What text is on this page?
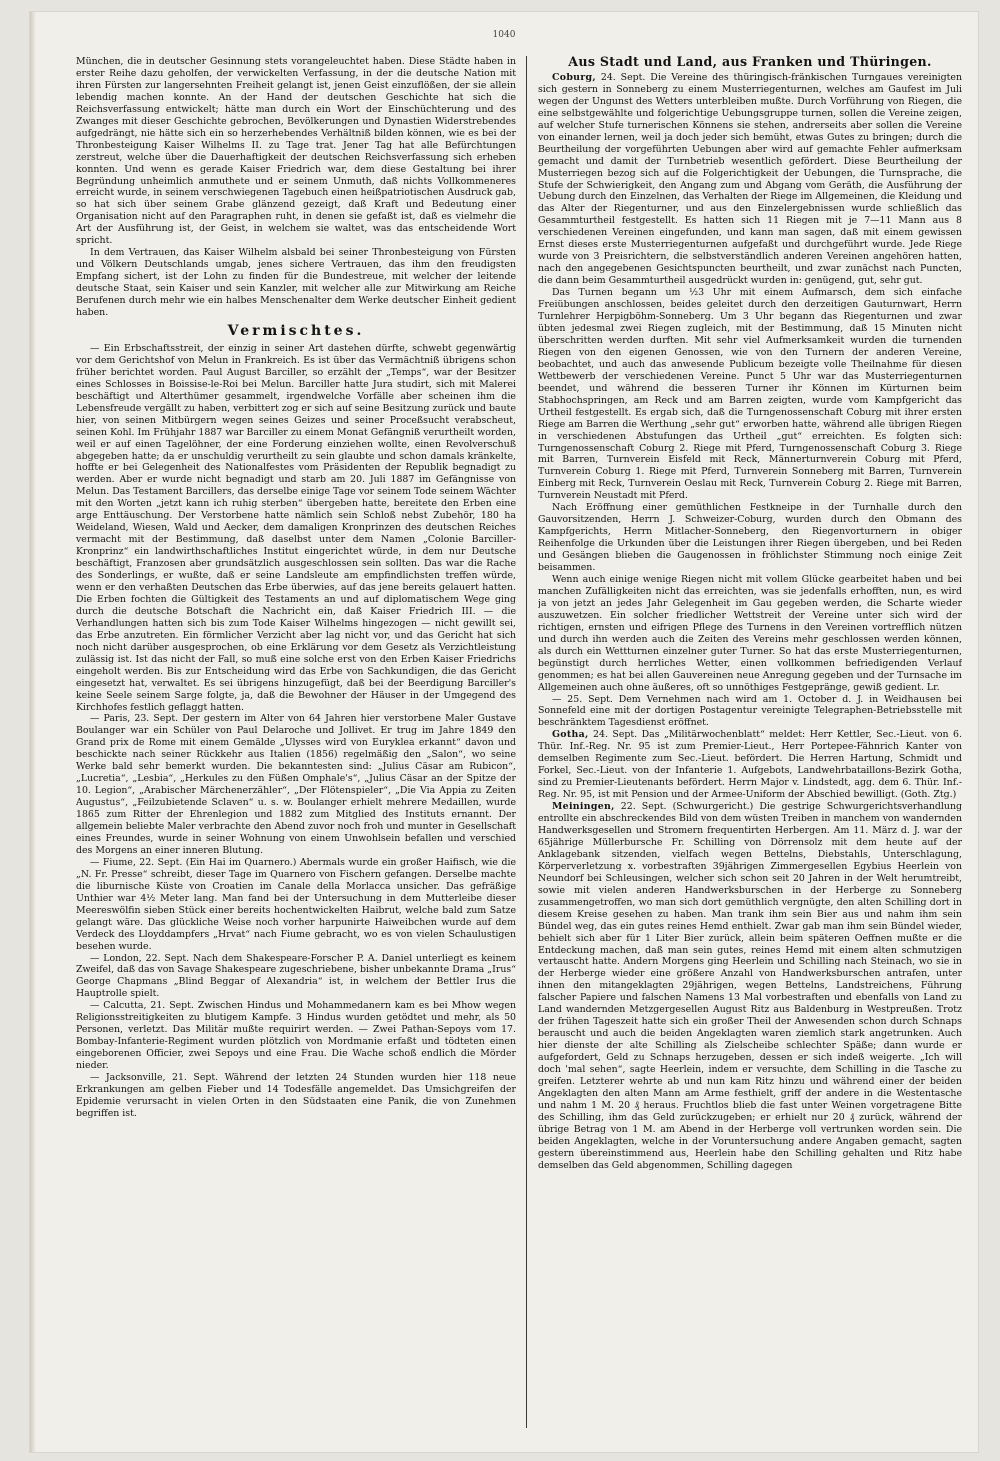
1040

München, die in deutscher Gesinnung stets vorangeleuchtet haben. Diese Städte haben in erster Reihe dazu geholfen, der verwickelten Verfassung, in der die deutsche Nation mit ihren Fürsten zur langersehnten Freiheit gelangt ist, jenen Geist einzuflößen, der sie allein lebendig machen konnte. An der Hand der deutschen Geschichte hat sich die Reichsverfassung entwickelt; hätte man durch ein Wort der Einschüchterung und des Zwanges mit dieser Geschichte gebrochen, Bevölkerungen und Dynastien Widerstrebendes aufgedrängt, nie hätte sich ein so herzerhebendes Verhältniß bilden können, wie es bei der Thronbesteigung Kaiser Wilhelms II. zu Tage trat. Jener Tag hat alle Befürchtungen zerstreut, welche über die Dauerhaftigkeit der deutschen Reichsverfassung sich erheben konnten. Und wenn es gerade Kaiser Friedrich war, dem diese Gestaltung bei ihrer Begründung unheimlich anmuthete und er seinem Unmuth, daß nichts Vollkommeneres erreicht wurde, in seinem verschwiegenen Tagebuch einen heißpatriotischen Ausdruck gab, so hat sich über seinem Grabe glänzend gezeigt, daß Kraft und Bedeutung einer Organisation nicht auf den Paragraphen ruht, in denen sie gefaßt ist, daß es vielmehr die Art der Ausführung ist, der Geist, in welchem sie waltet, was das entscheidende Wort spricht.

In dem Vertrauen, das Kaiser Wilhelm alsbald bei seiner Thronbesteigung von Fürsten und Völkern Deutschlands umgab, jenes sichere Vertrauen, das ihm den freudigsten Empfang sichert, ist der Lohn zu finden für die Bundestreue, mit welcher der leitende deutsche Staat, sein Kaiser und sein Kanzler, mit welcher alle zur Mitwirkung am Reiche Berufenen durch mehr wie ein halbes Menschenalter dem Werke deutscher Einheit gedient haben.

Vermischtes.

— Ein Erbschaftsstreit, der einzig in seiner Art dastehen dürfte, schwebt gegenwärtig vor dem Gerichtshof von Melun in Frankreich. Es ist über das Vermächtniß übrigens schon früher berichtet worden. Paul August Barciller, so erzählt der „Temps“, war der Besitzer eines Schlosses in Boissise-le-Roi bei Melun. Barciller hatte Jura studirt, sich mit Malerei beschäftigt und Alterthümer gesammelt, irgendwelche Vorfälle aber scheinen ihm die Lebensfreude vergällt zu haben, verbittert zog er sich auf seine Besitzung zurück und baute hier, von seinen Mitbürgern wegen seines Geizes und seiner Proceßsucht verabscheut, seinen Kohl. Im Frühjahr 1887 war Barciller zu einem Monat Gefängniß verurtheilt worden, weil er auf einen Tagelöhner, der eine Forderung einziehen wollte, einen Revolverschuß abgegeben hatte; da er unschuldig verurtheilt zu sein glaubte und schon damals kränkelte, hoffte er bei Gelegenheit des Nationalfestes vom Präsidenten der Republik begnadigt zu werden. Aber er wurde nicht begnadigt und starb am 20. Juli 1887 im Gefängnisse von Melun. Das Testament Barcillers, das derselbe einige Tage vor seinem Tode seinem Wächter mit den Worten „jetzt kann ich ruhig sterben“ übergeben hatte, bereitete den Erben eine arge Enttäuschung. Der Verstorbene hatte nämlich sein Schloß nebst Zubehör, 180 ha Weideland, Wiesen, Wald und Aecker, dem damaligen Kronprinzen des deutschen Reiches vermacht mit der Bestimmung, daß daselbst unter dem Namen „Colonie Barciller-Kronprinz“ ein landwirthschaftliches Institut eingerichtet würde, in dem nur Deutsche beschäftigt, Franzosen aber grundsätzlich ausgeschlossen sein sollten. Das war die Rache des Sonderlings, er wußte, daß er seine Landsleute am empfindlichsten treffen würde, wenn er den verhaßten Deutschen das Erbe überwies, auf das jene bereits gelauert hatten. Die Erben fochten die Gültigkeit des Testaments an und auf diplomatischem Wege ging durch die deutsche Botschaft die Nachricht ein, daß Kaiser Friedrich III. — die Verhandlungen hatten sich bis zum Tode Kaiser Wilhelms hingezogen — nicht gewillt sei, das Erbe anzutreten. Ein förmlicher Verzicht aber lag nicht vor, und das Gericht hat sich noch nicht darüber ausgesprochen, ob eine Erklärung vor dem Gesetz als Verzichtleistung zulässig ist. Ist das nicht der Fall, so muß eine solche erst von den Erben Kaiser Friedrichs eingeholt werden. Bis zur Entscheidung wird das Erbe von Sachkundigen, die das Gericht eingesetzt hat, verwaltet. Es sei übrigens hinzugefügt, daß bei der Beerdigung Barciller's keine Seele seinem Sarge folgte, ja, daß die Bewohner der Häuser in der Umgegend des Kirchhofes festlich geflaggt hatten.

— Paris, 23. Sept. Der gestern im Alter von 64 Jahren hier verstorbene Maler Gustave Boulanger war ein Schüler von Paul Delaroche und Jollivet. Er trug im Jahre 1849 den Grand prix de Rome mit einem Gemälde „Ulysses wird von Euryklea erkannt“ davon und beschickte nach seiner Rückkehr aus Italien (1856) regelmäßig den „Salon“, wo seine Werke bald sehr bemerkt wurden. Die bekanntesten sind: „Julius Cäsar am Rubicon“, „Lucretia“, „Lesbia“, „Herkules zu den Füßen Omphale's“, „Julius Cäsar an der Spitze der 10. Legion“, „Arabischer Märchenerzähler“, „Der Flötenspieler“, „Die Via Appia zu Zeiten Augustus“, „Feilzubietende Sclaven“ u. s. w. Boulanger erhielt mehrere Medaillen, wurde 1865 zum Ritter der Ehrenlegion und 1882 zum Mitglied des Instituts ernannt. Der allgemein beliebte Maler verbrachte den Abend zuvor noch froh und munter in Gesellschaft eines Freundes, wurde in seiner Wohnung von einem Unwohlsein befallen und verschied des Morgens an einer inneren Blutung.

— Fiume, 22. Sept. (Ein Hai im Quarnero.) Abermals wurde ein großer Haifisch, wie die „N. Fr. Presse“ schreibt, dieser Tage im Quarnero von Fischern gefangen. Derselbe machte die liburnische Küste von Croatien im Canale della Morlacca unsicher. Das gefräßige Unthier war 4½ Meter lang. Man fand bei der Untersuchung in dem Mutterleibe dieser Meereswölfin sieben Stück einer bereits hochentwickelten Haibrut, welche bald zum Satze gelangt wäre. Das glückliche Weise noch vorher harpunirte Haiweibchen wurde auf dem Verdeck des Lloyddampfers „Hrvat“ nach Fiume gebracht, wo es von vielen Schaulustigen besehen wurde.

— London, 22. Sept. Nach dem Shakespeare-Forscher P. A. Daniel unterliegt es keinem Zweifel, daß das von Savage Shakespeare zugeschriebene, bisher unbekannte Drama „Irus“ George Chapmans „Blind Beggar of Alexandria“ ist, in welchem der Bettler Irus die Hauptrolle spielt.

— Calcutta, 21. Sept. Zwischen Hindus und Mohammedanern kam es bei Mhow wegen Religionsstreitigkeiten zu blutigem Kampfe. 3 Hindus wurden getödtet und mehr, als 50 Personen, verletzt. Das Militär mußte requirirt werden. — Zwei Pathan-Sepoys vom 17. Bombay-Infanterie-Regiment wurden plötzlich von Mordmanie erfaßt und tödteten einen eingeborenen Officier, zwei Sepoys und eine Frau. Die Wache schoß endlich die Mörder nieder.

— Jacksonville, 21. Sept. Während der letzten 24 Stunden wurden hier 118 neue Erkrankungen am gelben Fieber und 14 Todesfälle angemeldet. Das Umsichgreifen der Epidemie verursacht in vielen Orten in den Südstaaten eine Panik, die von Zunehmen begriffen ist.

Aus Stadt und Land, aus Franken und Thüringen.

Coburg, 24. Sept. Die Vereine des thüringisch-fränkischen Turngaues vereinigten sich gestern in Sonneberg zu einem Musterriegenturnen, welches am Gaufest im Juli wegen der Ungunst des Wetters unterbleiben mußte. Durch Vorführung von Riegen, die eine selbstgewählte und folgerichtige Uebungsgruppe turnen, sollen die Vereine zeigen, auf welcher Stufe turnerischen Könnens sie stehen, andrerseits aber sollen die Vereine von einander lernen, weil ja doch jeder sich bemüht, etwas Gutes zu bringen; durch die Beurtheilung der vorgeführten Uebungen aber wird auf gemachte Fehler aufmerksam gemacht und damit der Turnbetrieb wesentlich gefördert. Diese Beurtheilung der Musterriegen bezog sich auf die Folgerichtigkeit der Uebungen, die Turnsprache, die Stufe der Schwierigkeit, den Angang zum und Abgang vom Geräth, die Ausführung der Uebung durch den Einzelnen, das Verhalten der Riege im Allgemeinen, die Kleidung und das Alter der Riegenturner, und aus den Einzelergebnissen wurde schließlich das Gesammturtheil festgestellt. Es hatten sich 11 Riegen mit je 7—11 Mann aus 8 verschiedenen Vereinen eingefunden, und kann man sagen, daß mit einem gewissen Ernst dieses erste Musterriegenturnen aufgefaßt und durchgeführt wurde. Jede Riege wurde von 3 Preisrichtern, die selbstverständlich anderen Vereinen angehören hatten, nach den angegebenen Gesichtspuncten beurtheilt, und zwar zunächst nach Puncten, die dann beim Gesammturtheil ausgedrückt wurden in: genügend, gut, sehr gut.

Das Turnen begann um ½3 Uhr mit einem Aufmarsch, dem sich einfache Freiübungen anschlossen, beides geleitet durch den derzeitigen Gauturnwart, Herrn Turnlehrer Herpigböhm-Sonneberg. Um 3 Uhr begann das Riegenturnen und zwar übten jedesmal zwei Riegen zugleich, mit der Bestimmung, daß 15 Minuten nicht überschritten werden durften. Mit sehr viel Aufmerksamkeit wurden die turnenden Riegen von den eigenen Genossen, wie von den Turnern der anderen Vereine, beobachtet, und auch das anwesende Publicum bezeigte volle Theilnahme für diesen Wettbewerb der verschiedenen Vereine. Punct 5 Uhr war das Musterriegenturnen beendet, und während die besseren Turner ihr Können im Kürturnen beim Stabhochspringen, am Reck und am Barren zeigten, wurde vom Kampfgericht das Urtheil festgestellt. Es ergab sich, daß die Turngenossenschaft Coburg mit ihrer ersten Riege am Barren die Werthung „sehr gut“ erworben hatte, während alle übrigen Riegen in verschiedenen Abstufungen das Urtheil „gut“ erreichten. Es folgten sich: Turngenossenschaft Coburg 2. Riege mit Pferd, Turngenossenschaft Coburg 3. Riege mit Barren, Turnverein Eisfeld mit Reck, Männerturnverein Coburg mit Pferd, Turnverein Coburg 1. Riege mit Pferd, Turnverein Sonneberg mit Barren, Turnverein Einberg mit Reck, Turnverein Oeslau mit Reck, Turnverein Coburg 2. Riege mit Barren, Turnverein Neustadt mit Pferd.

Nach Eröffnung einer gemüthlichen Festkneipe in der Turnhalle durch den Gauvorsitzenden, Herrn J. Schweizer-Coburg, wurden durch den Obmann des Kampfgerichts, Herrn Mitlacher-Sonneberg, den Riegenvorturnern in obiger Reihenfolge die Urkunden über die Leistungen ihrer Riegen übergeben, und bei Reden und Gesängen blieben die Gaugenossen in fröhlichster Stimmung noch einige Zeit beisammen.

Wenn auch einige wenige Riegen nicht mit vollem Glücke gearbeitet haben und bei manchen Zufälligkeiten nicht das erreichten, was sie jedenfalls erhofften, nun, es wird ja von jetzt an jedes Jahr Gelegenheit im Gau gegeben werden, die Scharte wieder auszuwetzen. Ein solcher friedlicher Wettstreit der Vereine unter sich wird der richtigen, ernsten und eifrigen Pflege des Turnens in den Vereinen vortrefflich nützen und durch ihn werden auch die Zeiten des Vereins mehr geschlossen werden können, als durch ein Wettturnen einzelner guter Turner. So hat das erste Musterriegenturnen, begünstigt durch herrliches Wetter, einen vollkommen befriedigenden Verlauf genommen; es hat bei allen Gauvereinen neue Anregung gegeben und der Turnsache im Allgemeinen auch ohne äußeres, oft so unnöthiges Festgepränge, gewiß gedient. Lr.

— 25. Sept. Dem Vernehmen nach wird am 1. October d. J. in Weidhausen bei Sonnefeld eine mit der dortigen Postagentur vereinigte Telegraphen-Betriebsstelle mit beschränktem Tagesdienst eröffnet.

Gotha, 24. Sept. Das „Militärwochenblatt“ meldet: Herr Kettler, Sec.-Lieut. von 6. Thür. Inf.-Reg. Nr. 95 ist zum Premier-Lieut., Herr Portepee-Fähnrich Kanter von demselben Regimente zum Sec.-Lieut. befördert. Die Herren Hartung, Schmidt und Forkel, Sec.-Lieut. von der Infanterie 1. Aufgebots, Landwehrbataillons-Bezirk Gotha, sind zu Premier-Lieutenants befördert. Herrn Major v. Lindstedt, agg. dem 6. Thür. Inf.-Reg. Nr. 95, ist mit Pension und der Armee-Uniform der Abschied bewilligt. (Goth. Ztg.)

Meiningen, 22. Sept. (Schwurgericht.) Die gestrige Schwurgerichtsverhandlung entrollte ein abschreckendes Bild von dem wüsten Treiben in manchem von wandernden Handwerksgesellen und Stromern frequentirten Herbergen. Am 11. März d. J. war der 65jährige Müllerbursche Fr. Schilling von Dörrensolz mit dem heute auf der Anklagebank sitzenden, vielfach wegen Bettelns, Diebstahls, Unterschlagung, Körperverletzung x. vorbestraften 39jährigen Zimmergesellen Egybius Heerlein von Neundorf bei Schleusingen, welcher sich schon seit 20 Jahren in der Welt herumtreibt, sowie mit vielen anderen Handwerksburschen in der Herberge zu Sonneberg zusammengetroffen, wo man sich dort gemüthlich vergnügte, den alten Schilling dort in diesem Kreise gesehen zu haben. Man trank ihm sein Bier aus und nahm ihm sein Bündel weg, das ein gutes reines Hemd enthielt. Zwar gab man ihm sein Bündel wieder, behielt sich aber für 1 Liter Bier zurück, allein beim späteren Oeffnen mußte er die Entdeckung machen, daß man sein gutes, reines Hemd mit einem alten schmutzigen vertauscht hatte. Andern Morgens ging Heerlein und Schilling nach Steinach, wo sie in der Herberge wieder eine größere Anzahl von Handwerksburschen antrafen, unter ihnen den mitangeklagten 29jährigen, wegen Bettelns, Landstreichens, Führung falscher Papiere und falschen Namens 13 Mal vorbestraften und ebenfalls von Land zu Land wandernden Metzgergesellen August Ritz aus Baldenburg in Westpreußen. Trotz der frühen Tageszeit hatte sich ein großer Theil der Anwesenden schon durch Schnaps berauscht und auch die beiden Angeklagten waren ziemlich stark angetrunken. Auch hier dienste der alte Schilling als Zielscheibe schlechter Späße; dann wurde er aufgefordert, Geld zu Schnaps herzugeben, dessen er sich indeß weigerte. „Ich will doch 'mal sehen“, sagte Heerlein, indem er versuchte, dem Schilling in die Tasche zu greifen. Letzterer wehrte ab und nun kam Ritz hinzu und während einer der beiden Angeklagten den alten Mann am Arme festhielt, griff der andere in die Westentasche und nahm 1 M. 20 ₰ heraus. Fruchtlos blieb die fast unter Weinen vorgetragene Bitte des Schilling, ihm das Geld zurückzugeben; er erhielt nur 20 ₰ zurück, während der übrige Betrag von 1 M. am Abend in der Herberge voll vertrunken worden sein. Die beiden Angeklagten, welche in der Voruntersuchung andere Angaben gemacht, sagten gestern übereinstimmend aus, Heerlein habe den Schilling gehalten und Ritz habe demselben das Geld abgenommen, Schilling dagegen
